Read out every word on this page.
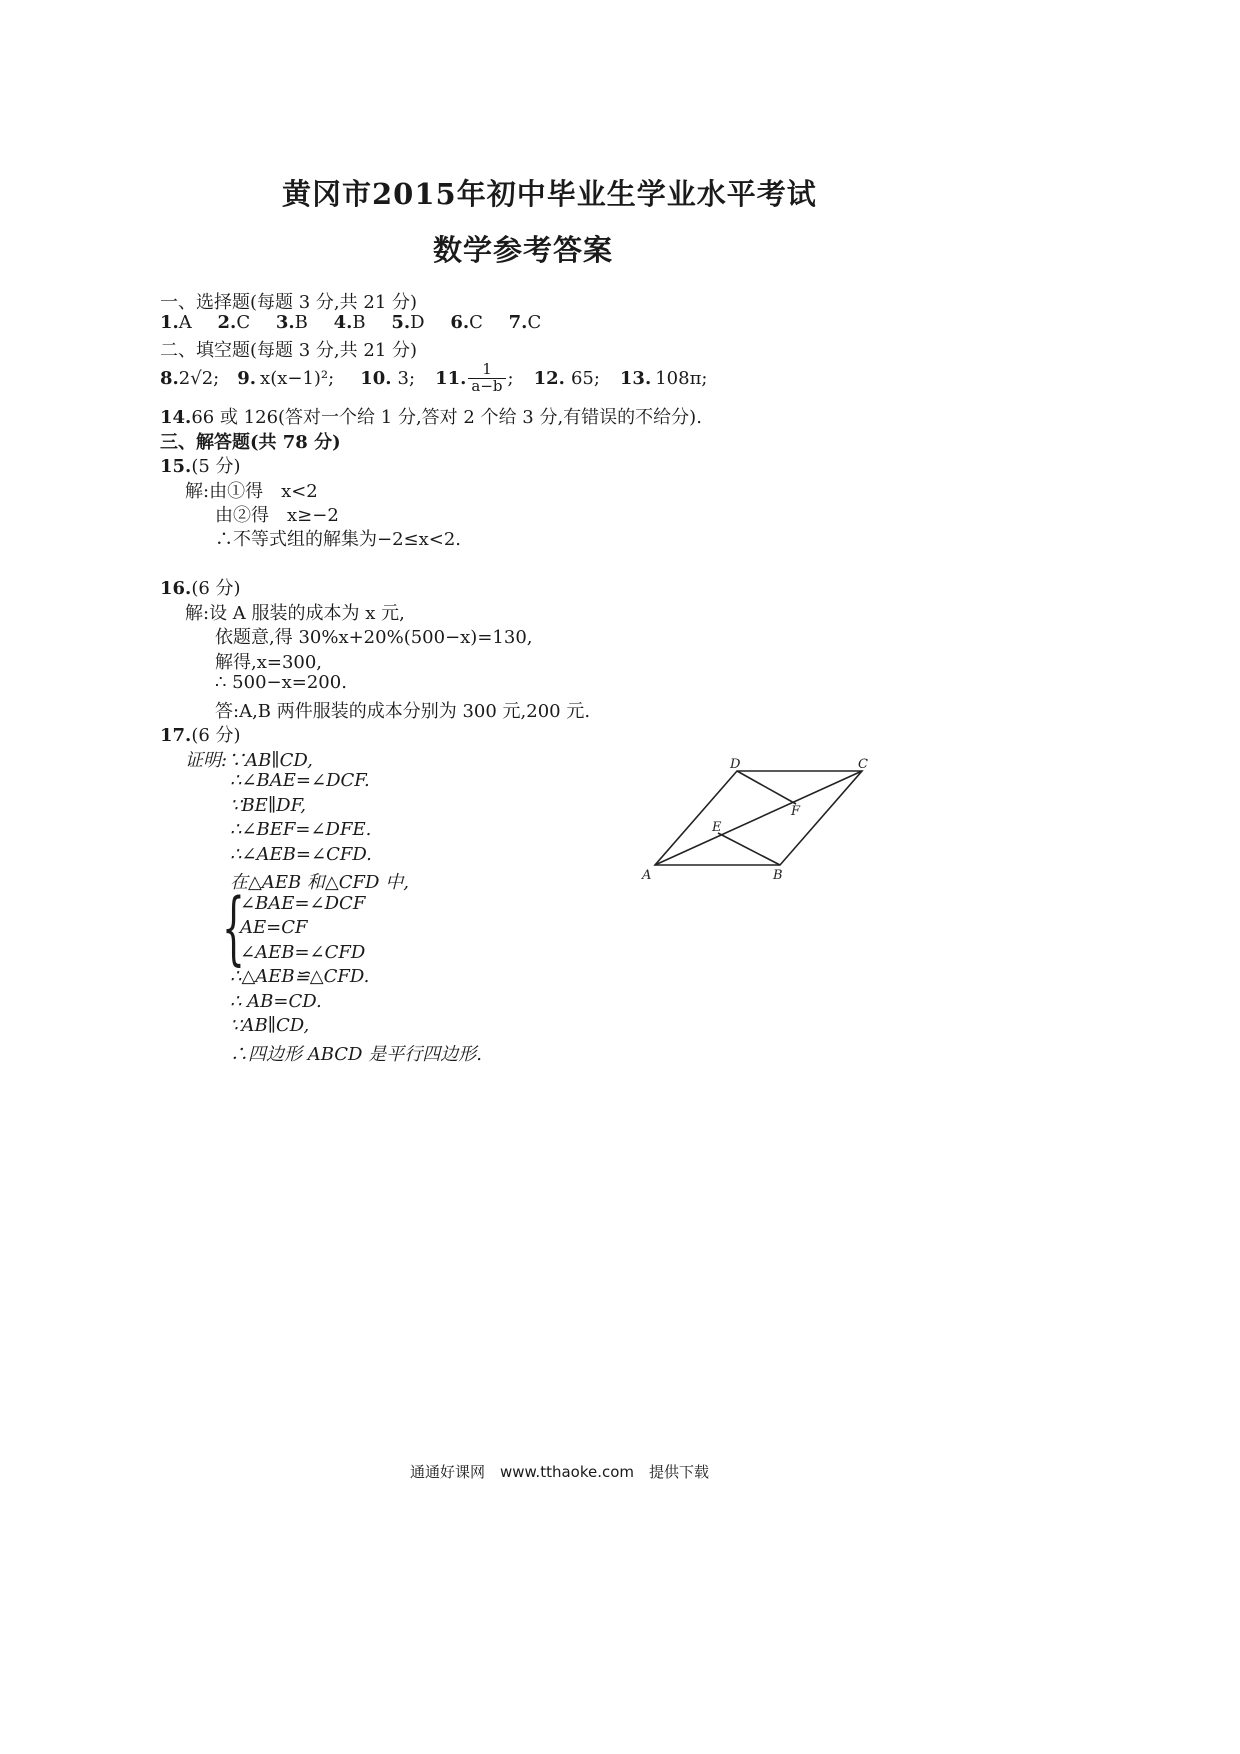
黄冈市2015年初中毕业生学业水平考试
数学参考答案
一、选择题(每题 3 分,共 21 分)
1.A 2.C 3.B 4.B 5.D 6.C 7.C
二、填空题(每题 3 分,共 21 分)
8. 2√2; 9. x(x−1)²; 10. 3; 11. $\frac{1}{a-b}$ ; 12. 65; 13. 108π;
14.66 或 126(答对一个给 1 分,答对 2 个给 3 分,有错误的不给分).
三、解答题(共 78 分)
15.(5 分)
解:由①得　x<2
由②得　x≥−2
∴不等式组的解集为−2≤x<2.
16.(6 分)
解:设 A 服装的成本为 x 元,
依题意,得 30%x+20%(500−x)=130,
解得,x=300,
∴ 500−x=200.
答:A,B 两件服装的成本分别为 300 元,200 元.
17.(6 分)
证明:∵AB∥CD,
∴∠BAE=∠DCF.
∵BE∥DF,
∴∠BEF=∠DFE.
∴∠AEB=∠CFD.
在△AEB 和△CFD 中,
{
∠BAE=∠DCF
AE=CF
∠AEB=∠CFD
∴△AEB≌△CFD.
∴ AB=CD.
∵AB∥CD,
∴四边形 ABCD 是平行四边形.
A	B
C
D
E
F
通通好课网　www.tthaoke.com　提供下载
